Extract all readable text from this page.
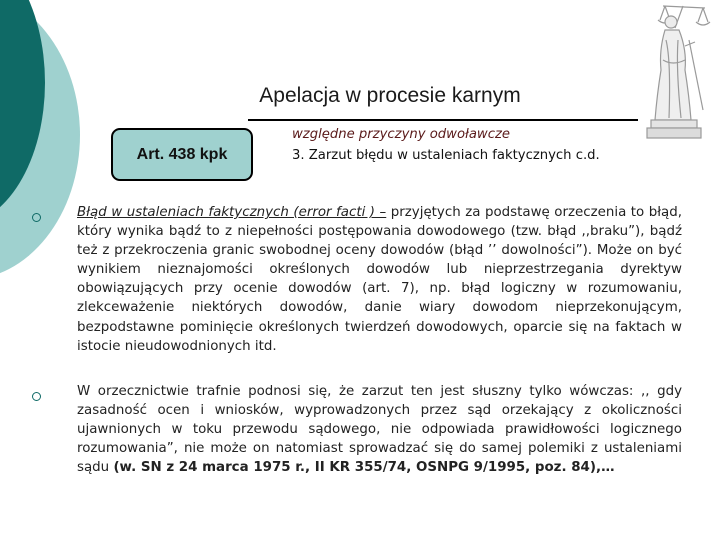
Apelacja w procesie karnym
Art. 438 kpk
względne przyczyny odwoławcze
3. Zarzut błędu w ustaleniach faktycznych c.d.
Błąd w ustaleniach faktycznych (error facti ) – przyjętych za podstawę orzeczenia to błąd, który wynika bądź to z niepełności postępowania dowodowego (tzw. błąd ,,braku”), bądź też z przekroczenia granic swobodnej oceny dowodów (błąd ’’ dowolności”). Może on być wynikiem nieznajomości określonych dowodów lub nieprzestrzegania dyrektyw obowiązujących przy ocenie dowodów (art. 7), np. błąd logiczny w rozumowaniu, zlekceważenie niektórych dowodów, danie wiary dowodom nieprzekonującym, bezpodstawne pominięcie określonych twierdzeń dowodowych, oparcie się na faktach w istocie nieudowodnionych itd.
W orzecznictwie trafnie podnosi się, że zarzut ten jest słuszny tylko wówczas: ,, gdy zasadność ocen i wniosków, wyprowadzonych przez sąd orzekający z okoliczności ujawnionych w toku przewodu sądowego, nie odpowiada prawidłowości logicznego rozumowania”, nie może on natomiast sprowadzać się do samej polemiki z ustaleniami sądu (w. SN z 24 marca 1975 r., II KR 355/74, OSNPG 9/1995, poz. 84),…
